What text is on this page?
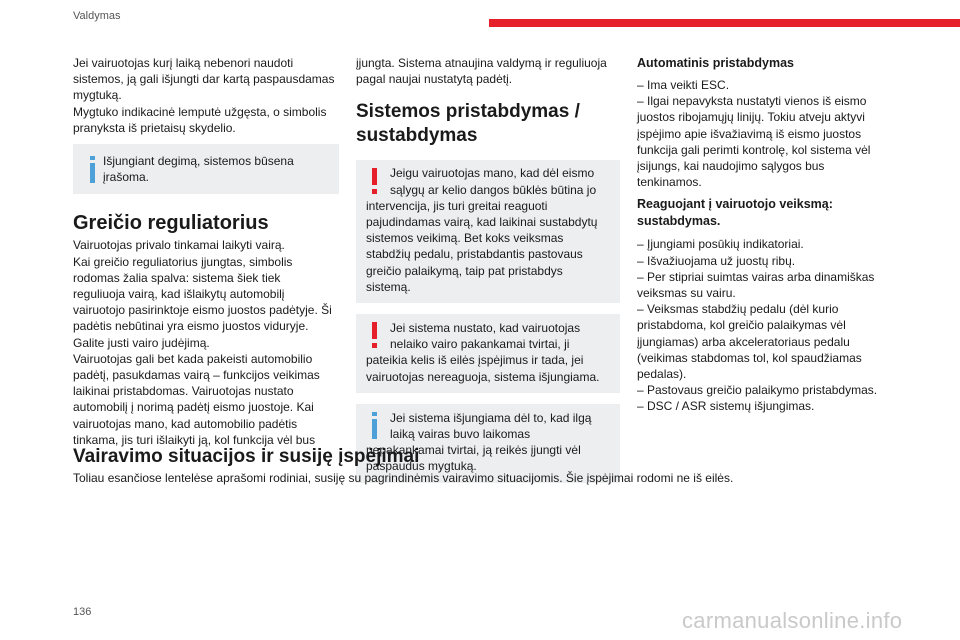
Valdymas

Jei vairuotojas kurį laiką nebenori naudoti
sistemos, ją gali išjungti dar kartą paspausdamas
mygtuką.
Mygtuko indikacinė lemputė užgęsta, o simbolis
pranyksta iš prietaisų skydelio.

Išjungiant degimą, sistemos būsena
įrašoma.
Greičio reguliatorius

Vairuotojas privalo tinkamai laikyti vairą.
Kai greičio reguliatorius įjungtas, simbolis
rodomas žalia spalva: sistema šiek tiek
reguliuoja vairą, kad išlaikytų automobilį
vairuotojo pasirinktoje eismo juostos padėtyje. Ši
padėtis nebūtinai yra eismo juostos viduryje.
Galite justi vairo judėjimą.
Vairuotojas gali bet kada pakeisti automobilio
padėtį, pasukdamas vairą – funkcijos veikimas
laikinai pristabdomas. Vairuotojas nustato
automobilį į norimą padėtį eismo juostoje. Kai
vairuotojas mano, kad automobilio padėtis
tinkama, jis turi išlaikyti ją, kol funkcija vėl bus

įjungta. Sistema atnaujina valdymą ir reguliuoja
pagal naujai nustatytą padėtį.

Sistemos pristabdymas /
sustabdymas
Jeigu vairuotojas mano, kad dėl eismo
sąlygų ar kelio dangos būklės būtina jo
intervencija, jis turi greitai reaguoti
pajudindamas vairą, kad laikinai sustabdytų
sistemos veikimą. Bet koks veiksmas
stabdžių pedalu, pristabdantis pastovaus
greičio palaikymą, taip pat pristabdys sistemą.
Jei sistema nustato, kad vairuotojas
nelaiko vairo pakankamai tvirtai, ji
pateikia kelis iš eilės įspėjimus ir tada, jei
vairuotojas nereaguoja, sistema išjungiama.
Jei sistema išjungiama dėl to, kad ilgą
laiką vairas buvo laikomas
nepakankamai tvirtai, ją reikės įjungti vėl
paspaudus mygtuką.
Automatinis pristabdymas

– Ima veikti ESC.
– Ilgai nepavyksta nustatyti vienos iš eismo
juostos ribojamųjų linijų. Tokiu atveju aktyvi
įspėjimo apie išvažiavimą iš eismo juostos
funkcija gali perimti kontrolę, kol sistema vėl
įsijungs, kai naudojimo sąlygos bus tenkinamos.

Reaguojant į vairuotojo veiksmą:
sustabdymas.

– Įjungiami posūkių indikatoriai.
– Išvažiuojama už juostų ribų.
– Per stipriai suimtas vairas arba dinamiškas
veiksmas su vairu.
– Veiksmas stabdžių pedalu (dėl kurio
pristabdoma, kol greičio palaikymas vėl
įjungiamas) arba akceleratoriaus pedalu
(veikimas stabdomas tol, kol spaudžiamas
pedalas).
– Pastovaus greičio palaikymo pristabdymas.
– DSC / ASR sistemų išjungimas.

Vairavimo situacijos ir susiję įspėjimai
Toliau esančiose lentelėse aprašomi rodiniai, susiję su pagrindinėmis vairavimo situacijomis. Šie įspėjimai rodomi ne iš eilės.
136	carmanualsonline.info
